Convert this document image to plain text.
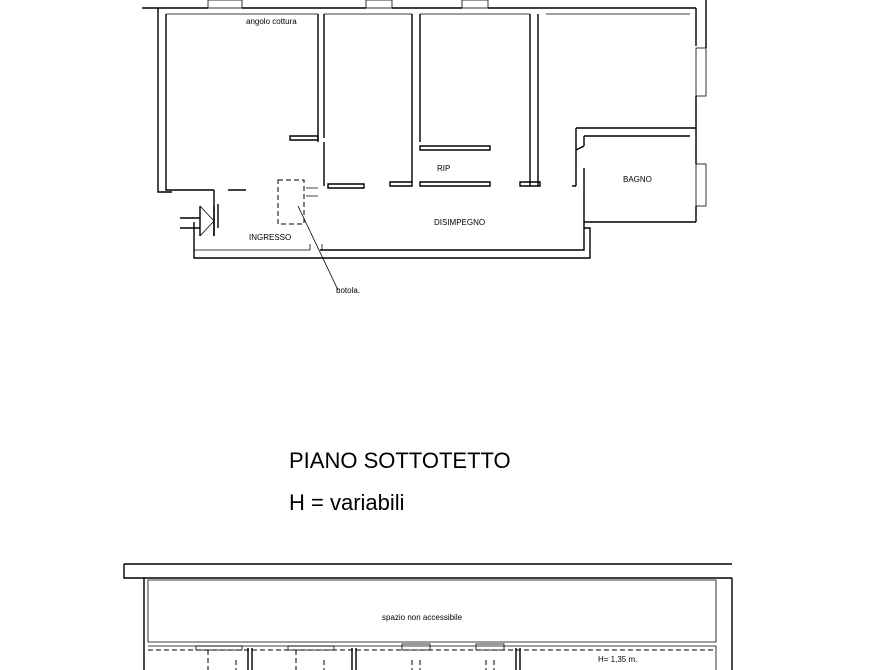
angolo cottura
RIP
BAGNO
DISIMPEGNO
INGRESSO
botola.
PIANO SOTTOTETTO
H = variabili
spazio non accessibile
H= 1,35 m.
